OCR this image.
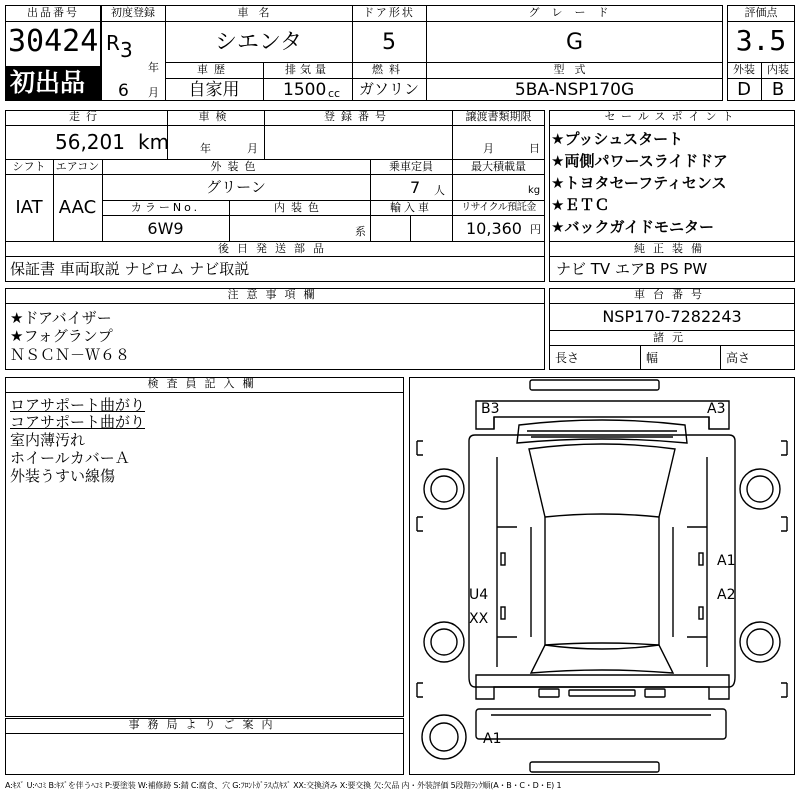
出品番号
30424
初出品
初度登録
R 3
年
6 月
車名
シエンタ
ドア形状
5
グレード
G
車歴
自家用
排気量
1500 cc
燃料
ガソリン
型式
5BA-NSP170G
評価点
3.5
外装	内装
D	B
走行
56,201 km
車検
年	月
登録番号	譲渡書類期限
月	日
シフト
IAT
エアコン
AAC
外装色
グリーン
乗車定員
7 人
最大積載量
kg
カラーNo.
6W9
内装色
系
輸入車	リサイクル預託金
10,360 円
後日発送部品
保証書 車両取説 ナビロム ナビ取説
セールスポイント
★プッシュスタート
★両側パワースライドドア
★トヨタセーフティセンス
★ＥＴＣ
★バックガイドモニター
純正装備
ナビ TV エアB PS PW
注意事項欄
★ドアバイザー
★フォグランプ
ＮＳＣＮ－Ｗ６８
車台番号
NSP170-7282243
諸元
長さ	幅	高さ
検査員記入欄
ロアサポート曲がり
コアサポート曲がり
室内薄汚れ
ホイールカバーＡ
外装うすい線傷
事務局よりご案内
B3	A3
A1
A2
U4
XX
A1
A:ｷｽﾞ U:ﾍｺﾐ B:ｷｽﾞを伴うﾍｺﾐ P:要塗装 W:補修跡 S:錆 C:腐食、穴 G:ﾌﾛﾝﾄｶﾞﾗｽ点ｷｽﾞ XX:交換済み X:要交換 欠:欠品 内・外装評価 5段階ﾗﾝｸ順(A・B・C・D・E) 1
